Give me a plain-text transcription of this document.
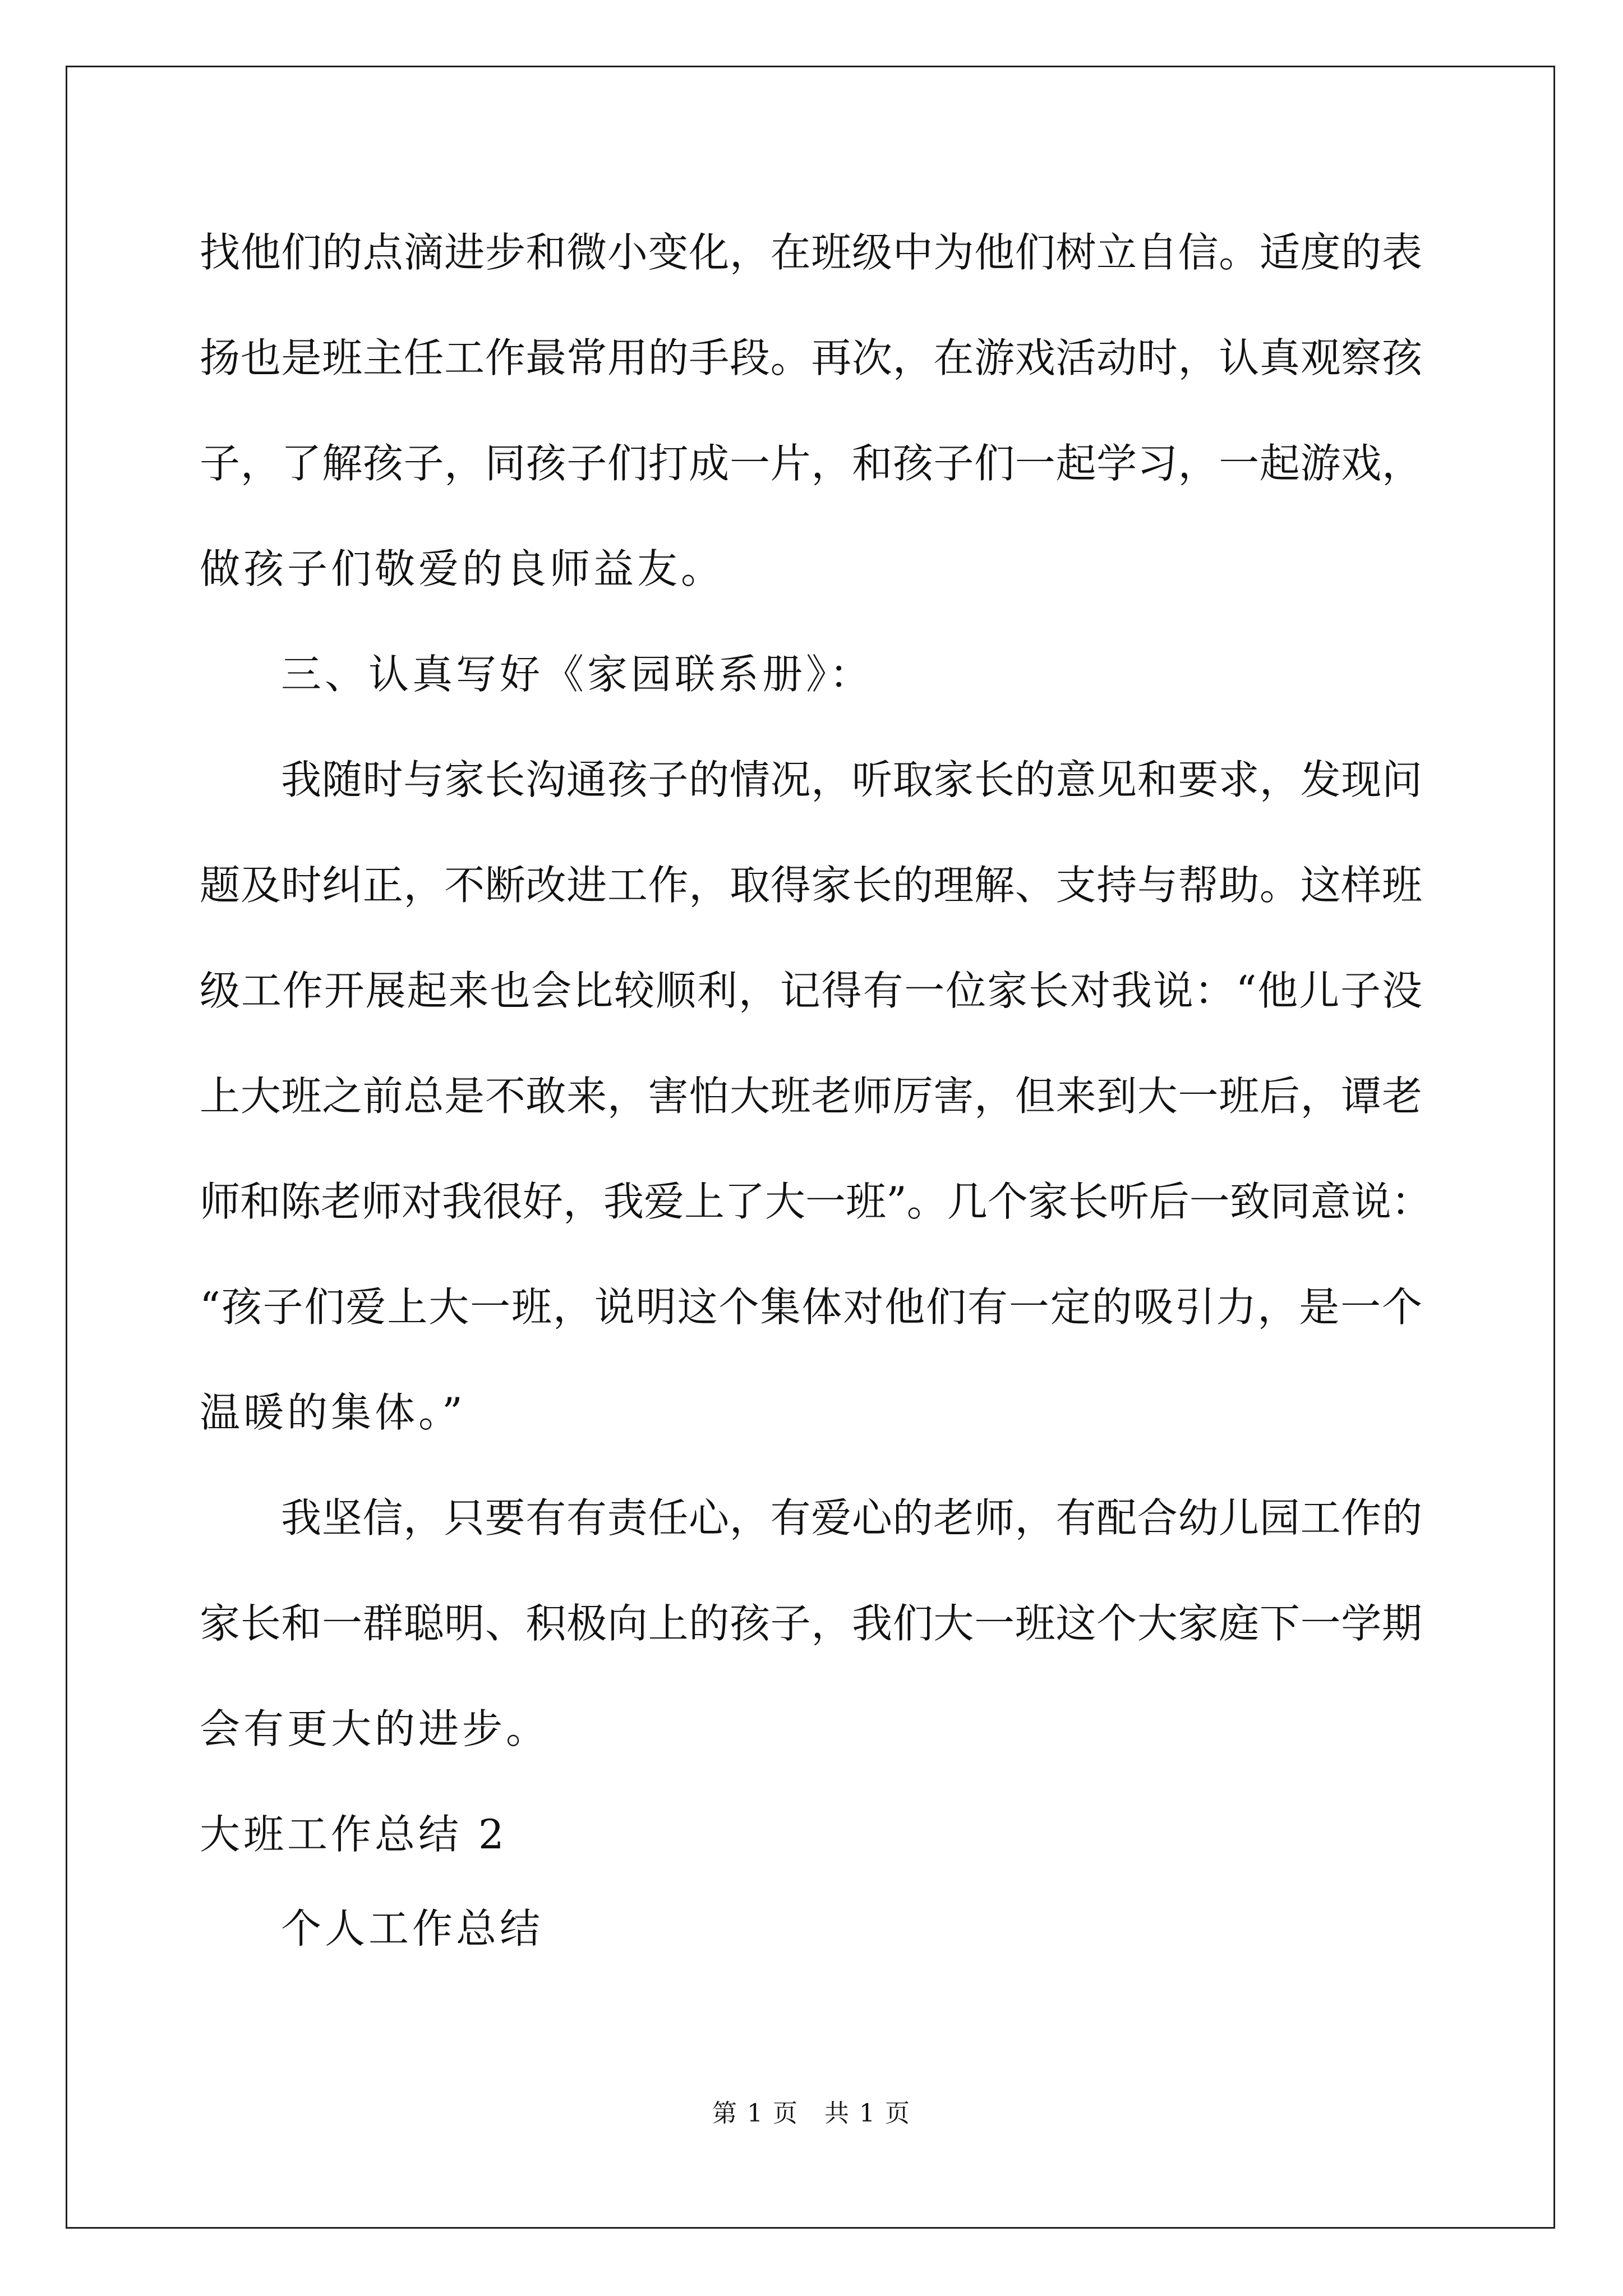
找他们的点滴进步和微小变化，在班级中为他们树立自信。适度的表
扬也是班主任工作最常用的手段。再次，在游戏活动时，认真观察孩
子，了解孩子，同孩子们打成一片，和孩子们一起学习，一起游戏，
做孩子们敬爱的良师益友。
三、认真写好《家园联系册》：
我随时与家长沟通孩子的情况，听取家长的意见和要求，发现问
题及时纠正，不断改进工作，取得家长的理解、支持与帮助。这样班
级工作开展起来也会比较顺利，记得有一位家长对我说：“他儿子没
上大班之前总是不敢来，害怕大班老师厉害，但来到大一班后，谭老
师和陈老师对我很好，我爱上了大一班”。几个家长听后一致同意说：
“孩子们爱上大一班，说明这个集体对他们有一定的吸引力，是一个
温暖的集体。”
我坚信，只要有有责任心，有爱心的老师，有配合幼儿园工作的
家长和一群聪明、积极向上的孩子，我们大一班这个大家庭下一学期
会有更大的进步。
大班工作总结 2
个人工作总结
第 1 页　共 1 页
